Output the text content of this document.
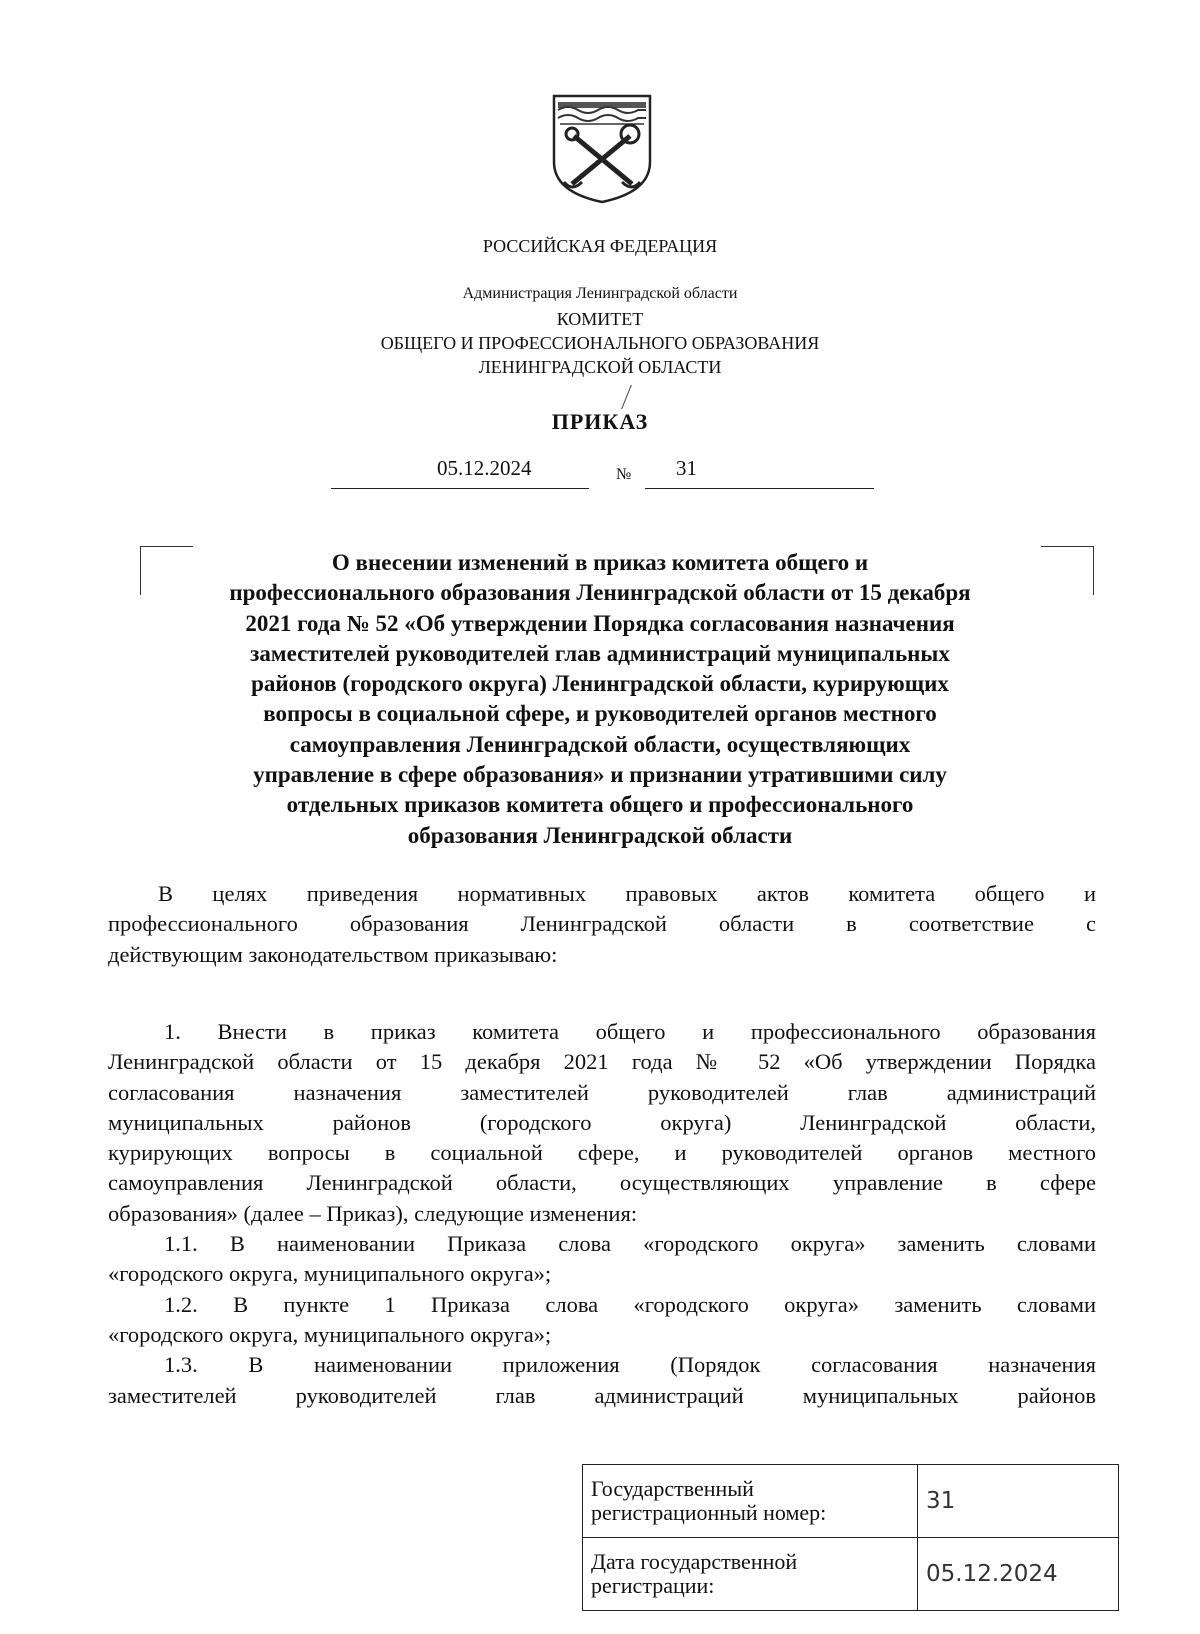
РОССИЙСКАЯ ФЕДЕРАЦИЯ
Администрация Ленинградской области
КОМИТЕТ
ОБЩЕГО И ПРОФЕССИОНАЛЬНОГО ОБРАЗОВАНИЯ
ЛЕНИНГРАДСКОЙ ОБЛАСТИ
ПРИКАЗ
05.12.2024	№ 31
О внесении изменений в приказ комитета общего и
профессионального образования Ленинградской области от 15 декабря
2021 года № 52 «Об утверждении Порядка согласования назначения
заместителей руководителей глав администраций муниципальных
районов (городского округа) Ленинградской области, курирующих
вопросы в социальной сфере, и руководителей органов местного
самоуправления Ленинградской области, осуществляющих
управление в сфере образования» и признании утратившими силу
отдельных приказов комитета общего и профессионального
образования Ленинградской области
В целях приведения нормативных правовых актов комитета общего и
профессионального образования Ленинградской области в соответствие с
действующим законодательством приказываю:
1. Внести в приказ комитета общего и профессионального образования
Ленинградской области от 15 декабря 2021 года № 52 «Об утверждении Порядка
согласования назначения заместителей руководителей глав администраций
муниципальных районов (городского округа) Ленинградской области,
курирующих вопросы в социальной сфере, и руководителей органов местного
самоуправления Ленинградской области, осуществляющих управление в сфере
образования» (далее – Приказ), следующие изменения:
1.1. В наименовании Приказа слова «городского округа» заменить словами
«городского округа, муниципального округа»;
1.2. В пункте 1 Приказа слова «городского округа» заменить словами
«городского округа, муниципального округа»;
1.3. В наименовании приложения (Порядок согласования назначения
заместителей руководителей глав администраций муниципальных районов
Государственный регистрационный номер:	31
Дата государственной регистрации:	05.12.2024
